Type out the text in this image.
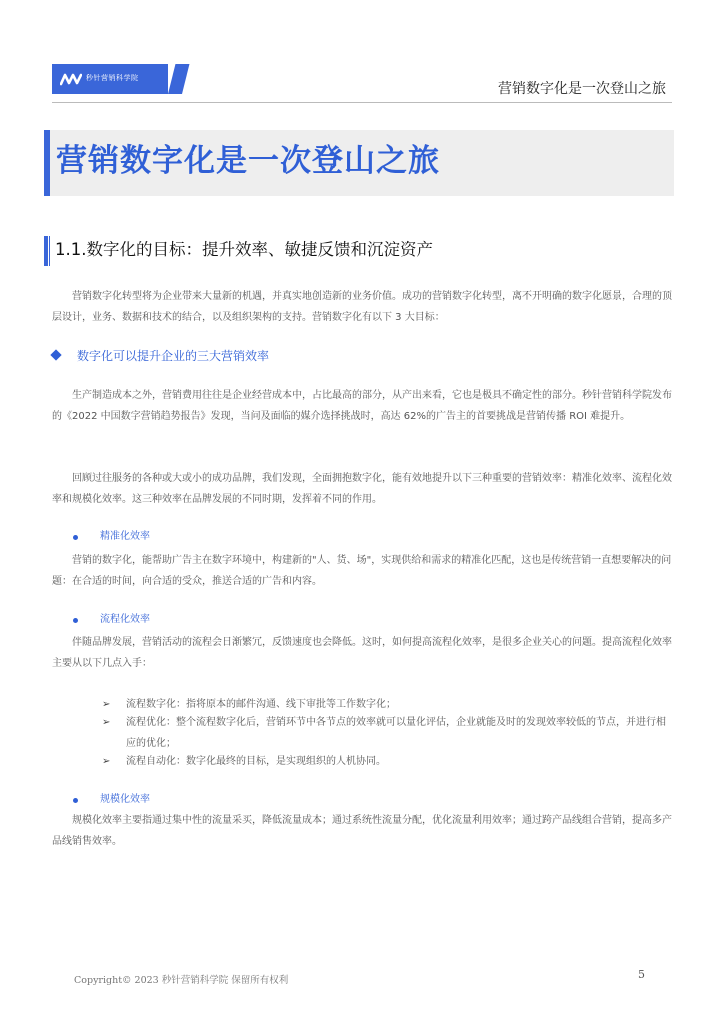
秒针营销科学院
营销数字化是一次登山之旅
营销数字化是一次登山之旅
1.1.数字化的目标：提升效率、敏捷反馈和沉淀资产

营销数字化转型将为企业带来大量新的机遇，并真实地创造新的业务价值。成功的营销数字化转型，离不开明确的数字化愿景，合理的顶层设计，业务、数据和技术的结合，以及组织架构的支持。营销数字化有以下 3 大目标：

数字化可以提升企业的三大营销效率

生产制造成本之外，营销费用往往是企业经营成本中，占比最高的部分，从产出来看，它也是极具不确定性的部分。秒针营销科学院发布的《2022 中国数字营销趋势报告》发现，当问及面临的媒介选择挑战时，高达 62%的广告主的首要挑战是营销传播 ROI 难提升。

回顾过往服务的各种或大或小的成功品牌，我们发现，全面拥抱数字化，能有效地提升以下三种重要的营销效率：精准化效率、流程化效率和规模化效率。这三种效率在品牌发展的不同时期，发挥着不同的作用。

精准化效率

营销的数字化，能帮助广告主在数字环境中，构建新的"人、货、场"，实现供给和需求的精准化匹配，这也是传统营销一直想要解决的问题：在合适的时间，向合适的受众，推送合适的广告和内容。

流程化效率

伴随品牌发展，营销活动的流程会日渐繁冗，反馈速度也会降低。这时，如何提高流程化效率，是很多企业关心的问题。提高流程化效率主要从以下几点入手：

➢ 流程数字化：指将原本的邮件沟通、线下审批等工作数字化；

➢ 流程优化：整个流程数字化后，营销环节中各节点的效率就可以量化评估，企业就能及时的发现效率较低的节点，并进行相应的优化；

➢ 流程自动化：数字化最终的目标，是实现组织的人机协同。

规模化效率

规模化效率主要指通过集中性的流量采买，降低流量成本；通过系统性流量分配，优化流量利用效率；通过跨产品线组合营销，提高多产品线销售效率。

Copyright© 2023 秒针营销科学院 保留所有权利	5
